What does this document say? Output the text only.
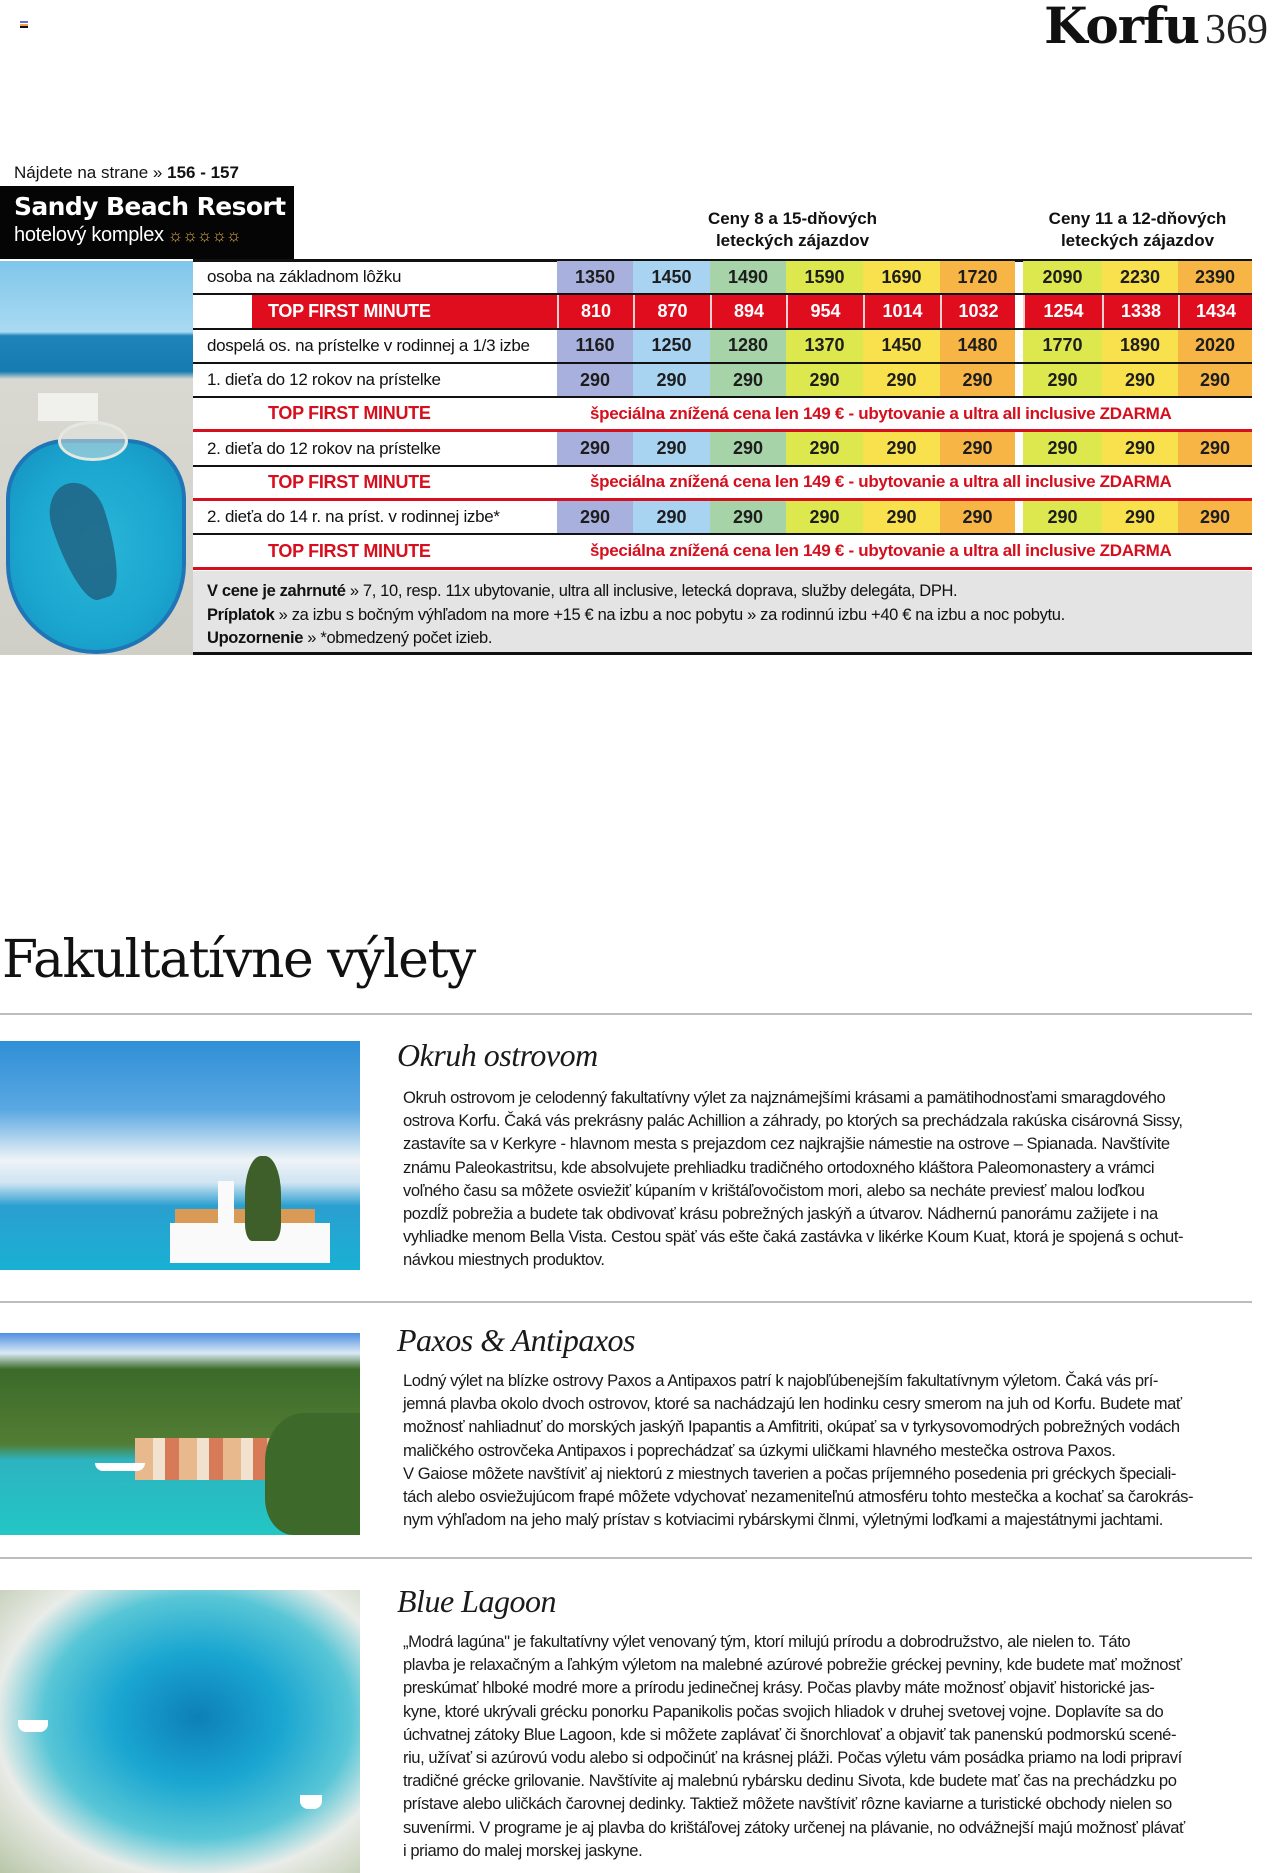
Korfu 369
Nájdete na strane » 156 - 157
Sandy Beach Resort
hotelový komplex ☼☼☼☼☼
Ceny 8 a 15-dňových
leteckých zájazdov
Ceny 11 a 12-dňových
leteckých zájazdov
osoba na základnom lôžku	1350	1450	1490	1590	1690	1720	2090	2230	2390
TOP FIRST MINUTE	810	870	894	954	1014	1032	1254	1338	1434
dospelá os. na prístelke v rodinnej a 1/3 izbe	1160	1250	1280	1370	1450	1480	1770	1890	2020
1. dieťa do 12 rokov na prístelke	290	290	290	290	290	290	290	290	290
TOP FIRST MINUTE	špeciálna znížená cena len 149 € - ubytovanie a ultra all inclusive ZDARMA
2. dieťa do 12 rokov na prístelke	290	290	290	290	290	290	290	290	290
TOP FIRST MINUTE	špeciálna znížená cena len 149 € - ubytovanie a ultra all inclusive ZDARMA
2. dieťa do 14 r. na príst. v rodinnej izbe*	290	290	290	290	290	290	290	290	290
TOP FIRST MINUTE	špeciálna znížená cena len 149 € - ubytovanie a ultra all inclusive ZDARMA
V cene je zahrnuté » 7, 10, resp. 11x ubytovanie, ultra all inclusive, letecká doprava, služby delegáta, DPH.
Príplatok » za izbu s bočným výhľadom na more +15 € na izbu a noc pobytu » za rodinnú izbu +40 € na izbu a noc pobytu.
Upozornenie » *obmedzený počet izieb.
Fakultatívne výlety
Okruh ostrovom
Okruh ostrovom je celodenný fakultatívny výlet za najznámejšími krásami a pamätihodnosťami smaragdového
ostrova Korfu. Čaká vás prekrásny palác Achillion a záhrady, po ktorých sa prechádzala rakúska cisárovná Sissy,
zastavíte sa v Kerkyre - hlavnom mesta s prejazdom cez najkrajšie námestie na ostrove – Spianada. Navštívite
známu Paleokastritsu, kde absolvujete prehliadku tradičného ortodoxného kláštora Paleomonastery a vrámci
voľného času sa môžete osviežiť kúpaním v krištáľovočistom mori, alebo sa necháte previesť malou loďkou
pozdĺž pobrežia a budete tak obdivovať krásu pobrežných jaskýň a útvarov. Nádhernú panorámu zažijete i na
vyhliadke menom Bella Vista. Cestou späť vás ešte čaká zastávka v likérke Koum Kuat, ktorá je spojená s ochut-
návkou miestnych produktov.
Paxos & Antipaxos
Lodný výlet na blízke ostrovy Paxos a Antipaxos patrí k najobľúbenejším fakultatívnym výletom. Čaká vás prí-
jemná plavba okolo dvoch ostrovov, ktoré sa nachádzajú len hodinku cesry smerom na juh od Korfu. Budete mať
možnosť nahliadnuť do morských jaskýň Ipapantis a Amfitriti, okúpať sa v tyrkysovomodrých pobrežných vodách
maličkého ostrovčeka Antipaxos i poprechádzať sa úzkymi uličkami hlavného mestečka ostrova Paxos.
V Gaiose môžete navštíviť aj niektorú z miestnych taverien a počas príjemného posedenia pri gréckych špeciali-
tách alebo osviežujúcom frapé môžete vdychovať nezameniteľnú atmosféru tohto mestečka a kochať sa čarokrás-
nym výhľadom na jeho malý prístav s kotviacimi rybárskymi člnmi, výletnými loďkami a majestátnymi jachtami.
Blue Lagoon
„Modrá lagúna" je fakultatívny výlet venovaný tým, ktorí milujú prírodu a dobrodružstvo, ale nielen to. Táto
plavba je relaxačným a ľahkým výletom na malebné azúrové pobrežie gréckej pevniny, kde budete mať možnosť
preskúmať hlboké modré more a prírodu jedinečnej krásy. Počas plavby máte možnosť objaviť historické jas-
kyne, ktoré ukrývali grécku ponorku Papanikolis počas svojich hliadok v druhej svetovej vojne. Doplavíte sa do
úchvatnej zátoky Blue Lagoon, kde si môžete zaplávať či šnorchlovať a objaviť tak panenskú podmorskú scené-
riu, užívať si azúrovú vodu alebo si odpočinúť na krásnej pláži. Počas výletu vám posádka priamo na lodi pripraví
tradičné grécke grilovanie. Navštívite aj malebnú rybársku dedinu Sivota, kde budete mať čas na prechádzku po
prístave alebo uličkách čarovnej dedinky. Taktiež môžete navštíviť rôzne kaviarne a turistické obchody nielen so
suvenírmi. V programe je aj plavba do krištáľovej zátoky určenej na plávanie, no odvážnejší majú možnosť plávať
i priamo do malej morskej jaskyne.
